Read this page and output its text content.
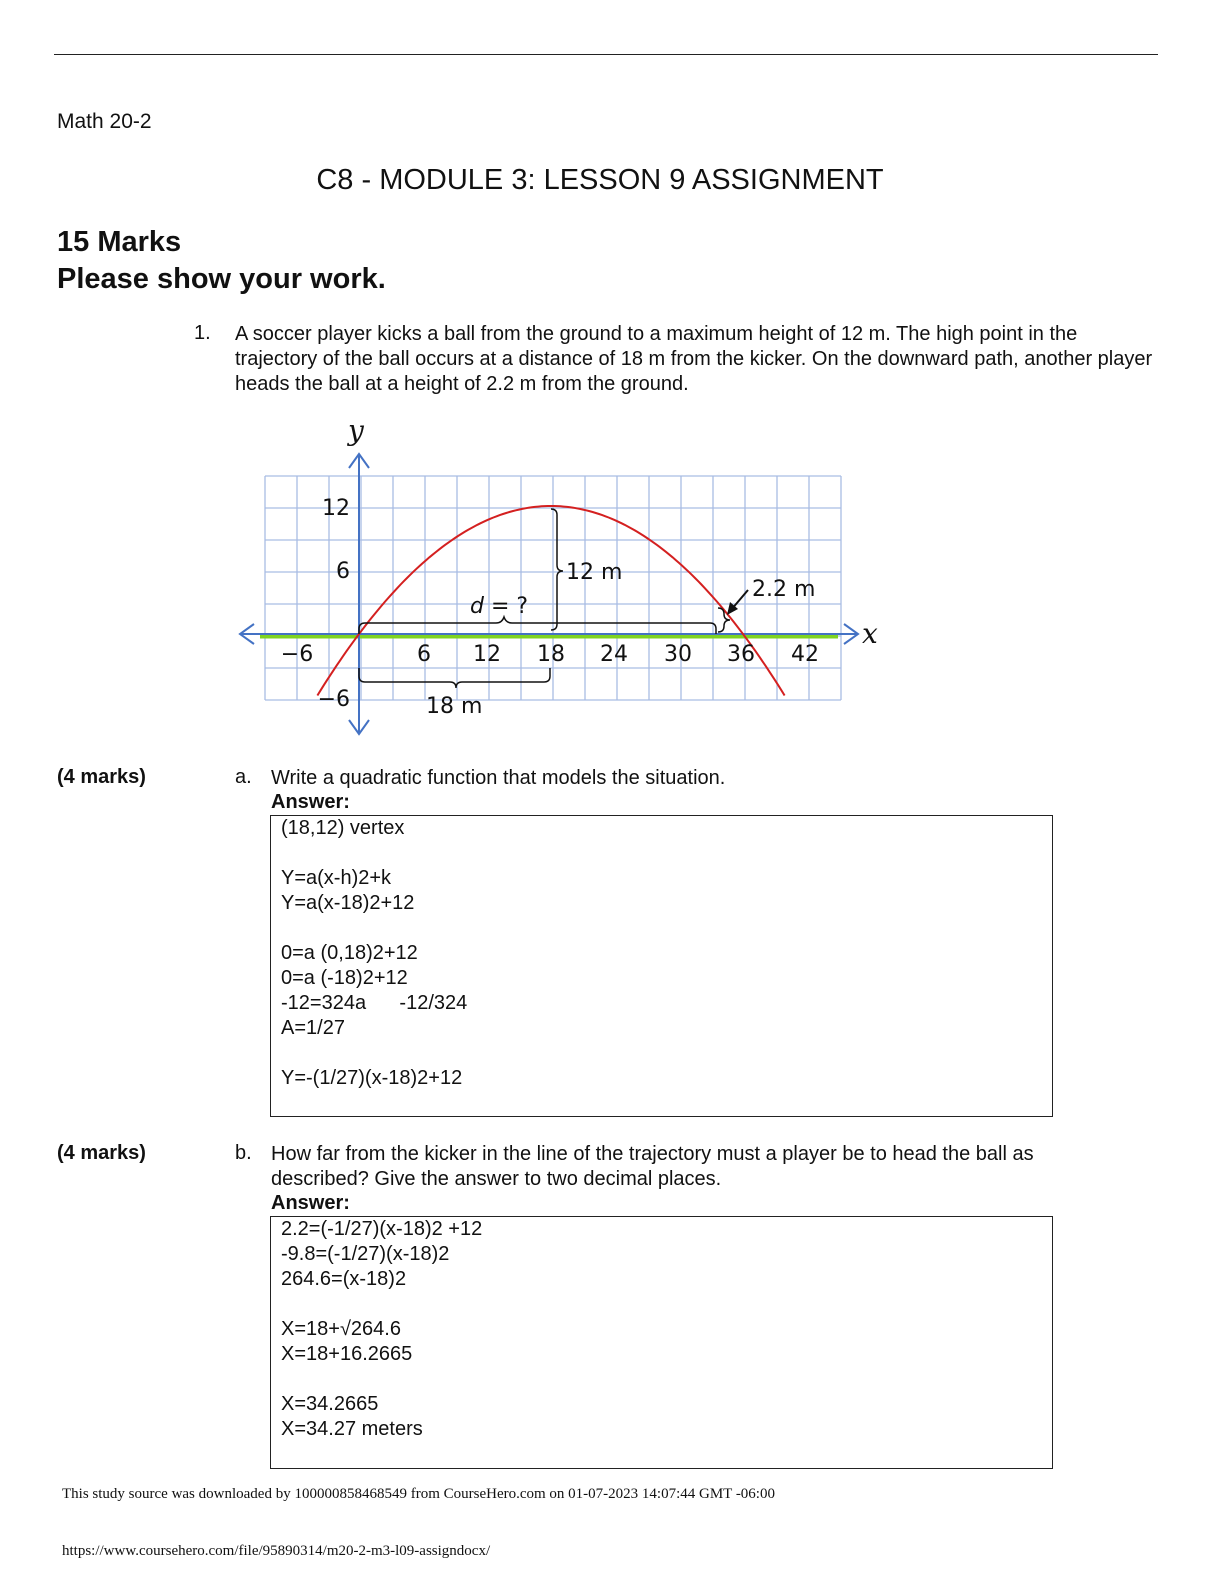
Math 20-2
C8 - MODULE 3: LESSON 9 ASSIGNMENT
15 Marks
Please show your work.
1. A soccer player kicks a ball from the ground to a maximum height of 12 m. The high point in the trajectory of the ball occurs at a distance of 18 m from the kicker. On the downward path, another player heads the ball at a height of 2.2 m from the ground.
−6	6 12 18 24 30 36 42
12
6
−6
y
x
12 m
2.2 m
d = ?
18 m
(4 marks)	a. Write a quadratic function that models the situation.
Answer:
(18,12) vertex
Y=a(x-h)2+k
Y=a(x-18)2+12
0=a (0,18)2+12
0=a (-18)2+12
-12=324a      -12/324
A=1/27
Y=-(1/27)(x-18)2+12
(4 marks)	b. How far from the kicker in the line of the trajectory must a player be to head the ball as described? Give the answer to two decimal places.
Answer:
2.2=(-1/27)(x-18)2 +12
-9.8=(-1/27)(x-18)2
264.6=(x-18)2
X=18+√264.6
X=18+16.2665
X=34.2665
X=34.27 meters
This study source was downloaded by 100000858468549 from CourseHero.com on 01-07-2023 14:07:44 GMT -06:00
https://www.coursehero.com/file/95890314/m20-2-m3-l09-assigndocx/
